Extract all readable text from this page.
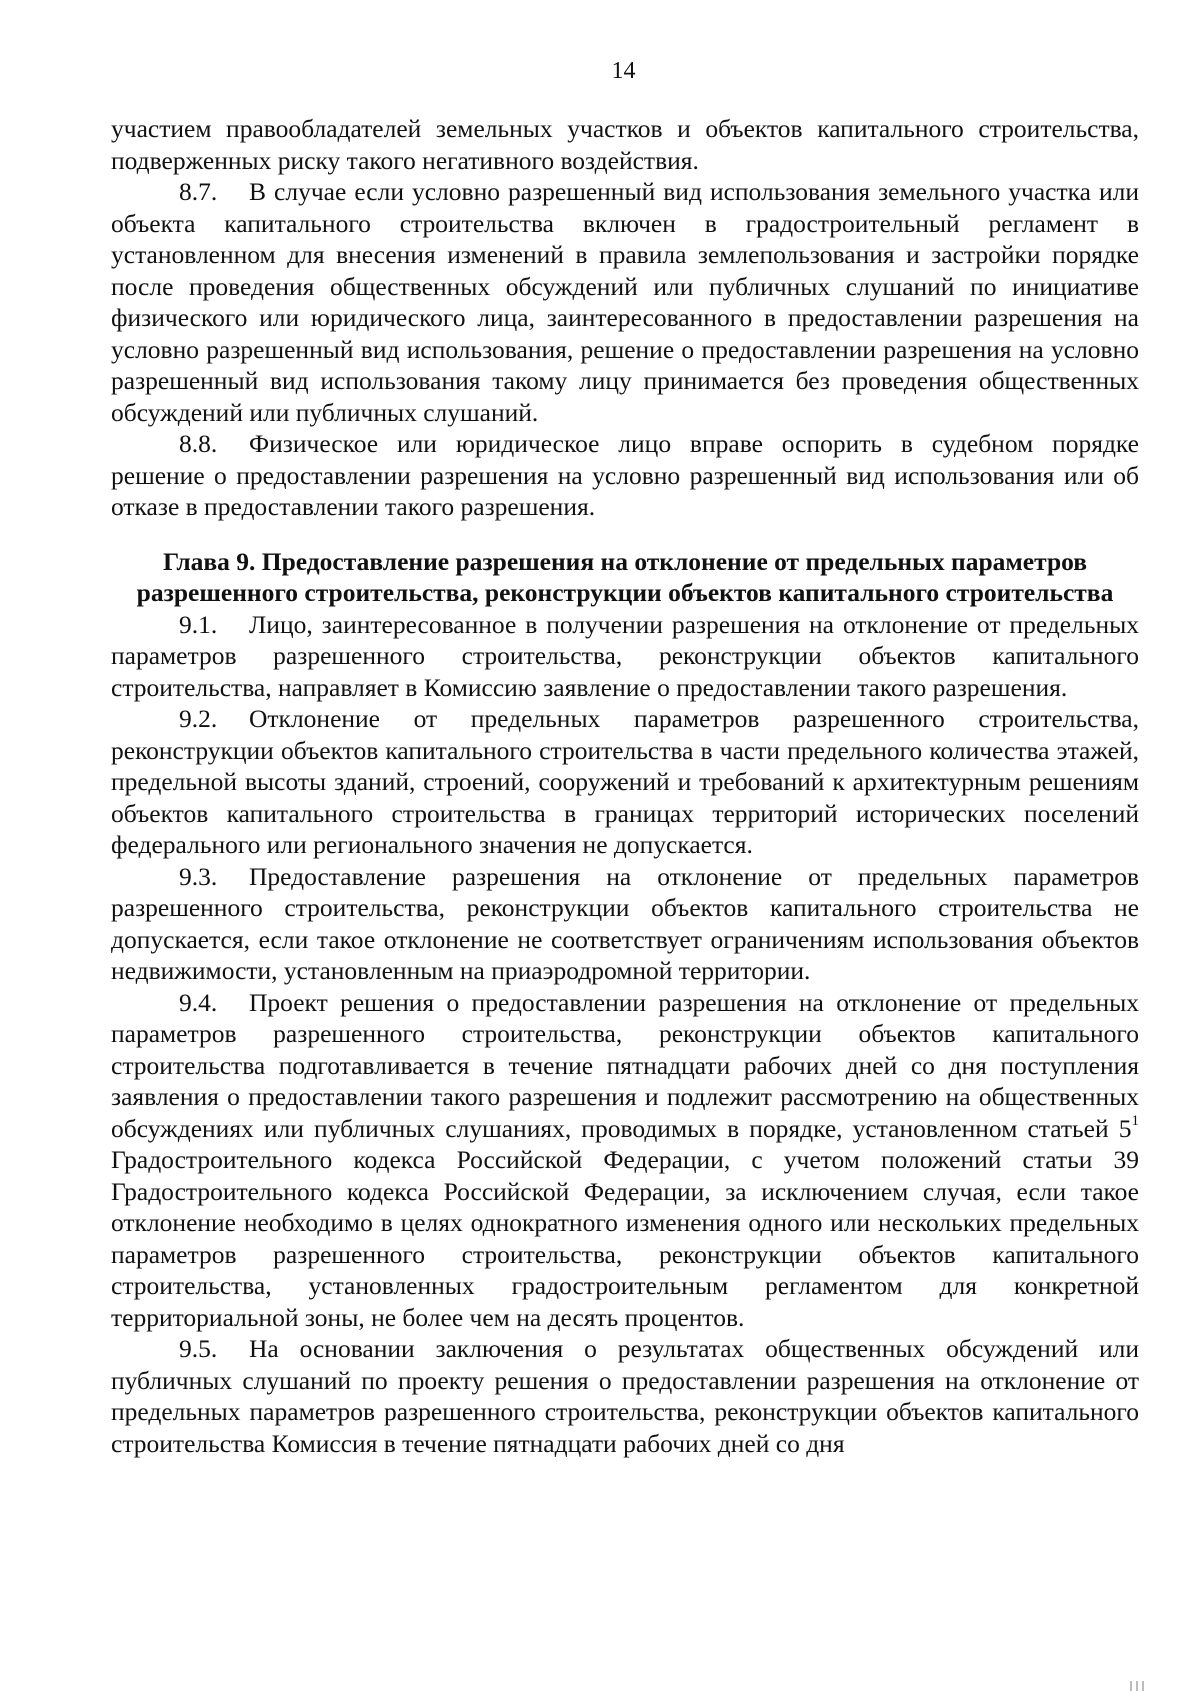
14

участием правообладателей земельных участков и объектов капитального строительства, подверженных риску такого негативного воздействия.

8.7. В случае если условно разрешенный вид использования земельного участка или объекта капитального строительства включен в градостроительный регламент в установленном для внесения изменений в правила землепользования и застройки порядке после проведения общественных обсуждений или публичных слушаний по инициативе физического или юридического лица, заинтересованного в предоставлении разрешения на условно разрешенный вид использования, решение о предоставлении разрешения на условно разрешенный вид использования такому лицу принимается без проведения общественных обсуждений или публичных слушаний.

8.8. Физическое или юридическое лицо вправе оспорить в судебном порядке решение о предоставлении разрешения на условно разрешенный вид использования или об отказе в предоставлении такого разрешения.

Глава 9. Предоставление разрешения на отклонение от предельных параметров разрешенного строительства, реконструкции объектов капитального строительства

9.1. Лицо, заинтересованное в получении разрешения на отклонение от предельных параметров разрешенного строительства, реконструкции объектов капитального строительства, направляет в Комиссию заявление о предоставлении такого разрешения.

9.2. Отклонение от предельных параметров разрешенного строительства, реконструкции объектов капитального строительства в части предельного количества этажей, предельной высоты зданий, строений, сооружений и требований к архитектурным решениям объектов капитального строительства в границах территорий исторических поселений федерального или регионального значения не допускается.

9.3. Предоставление разрешения на отклонение от предельных параметров разрешенного строительства, реконструкции объектов капитального строительства не допускается, если такое отклонение не соответствует ограничениям использования объектов недвижимости, установленным на приаэродромной территории.

9.4. Проект решения о предоставлении разрешения на отклонение от предельных параметров разрешенного строительства, реконструкции объектов капитального строительства подготавливается в течение пятнадцати рабочих дней со дня поступления заявления о предоставлении такого разрешения и подлежит рассмотрению на общественных обсуждениях или публичных слушаниях, проводимых в порядке, установленном статьей $5^1$ Градостроительного кодекса Российской Федерации, с учетом положений статьи 39 Градостроительного кодекса Российской Федерации, за исключением случая, если такое отклонение необходимо в целях однократного изменения одного или нескольких предельных параметров разрешенного строительства, реконструкции объектов капитального строительства, установленных градостроительным регламентом для конкретной территориальной зоны, не более чем на десять процентов.

9.5. На основании заключения о результатах общественных обсуждений или публичных слушаний по проекту решения о предоставлении разрешения на отклонение от предельных параметров разрешенного строительства, реконструкции объектов капитального строительства Комиссия в течение пятнадцати рабочих дней со дня
